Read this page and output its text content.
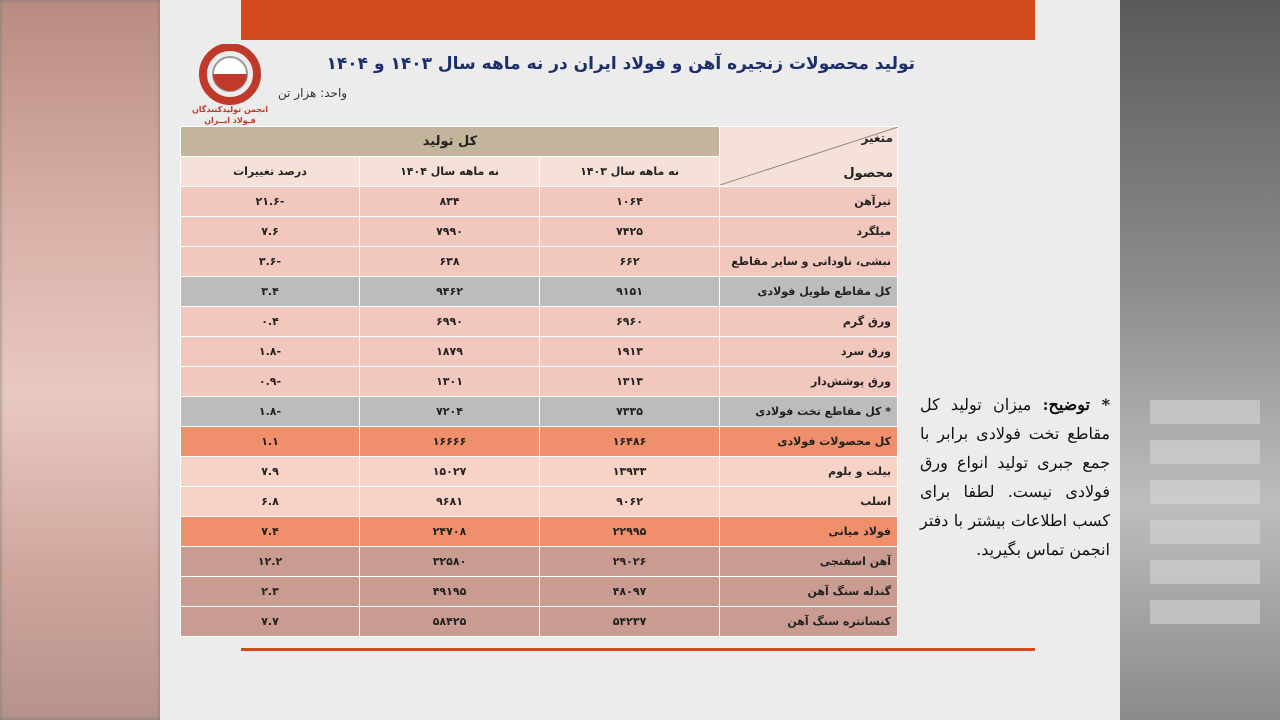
انجمن تولیدکنندگان
فـولاد ایــران
تولید محصولات زنجیره آهن و فولاد ایران در نه ماهه سال ۱۴۰۳ و ۱۴۰۴
واحد: هزار تن
متغیر
محصول	کل تولید		
	نه ماهه سال ۱۴۰۳	نه ماهه سال ۱۴۰۴	درصد تغییرات
تیرآهن	۱۰۶۴	۸۳۴	-۲۱.۶
میلگرد	۷۴۲۵	۷۹۹۰	۷.۶
نبشی، ناودانی و سایر مقاطع	۶۶۲	۶۳۸	-۳.۶
کل مقاطع طویل فولادی	۹۱۵۱	۹۴۶۲	۳.۴
ورق گرم	۶۹۶۰	۶۹۹۰	۰.۴
ورق سرد	۱۹۱۳	۱۸۷۹	-۱.۸
ورق پوشش‌دار	۱۳۱۳	۱۳۰۱	-۰.۹
* کل مقاطع تخت فولادی	۷۳۳۵	۷۲۰۴	-۱.۸
کل محصولات فولادی	۱۶۴۸۶	۱۶۶۶۶	۱.۱
بیلت و بلوم	۱۳۹۳۳	۱۵۰۲۷	۷.۹
اسلب	۹۰۶۲	۹۶۸۱	۶.۸
فولاد میانی	۲۲۹۹۵	۲۴۷۰۸	۷.۴
آهن اسفنجی	۲۹۰۲۶	۳۲۵۸۰	۱۲.۲
گندله سنگ آهن	۴۸۰۹۷	۴۹۱۹۵	۲.۳
کنسانتره سنگ آهن	۵۴۲۳۷	۵۸۴۲۵	۷.۷
* توضیح: میزان تولید کل مقاطع تخت فولادی برابر با جمع جبری تولید انواع ورق فولادی نیست. لطفا برای کسب اطلاعات بیشتر با دفتر انجمن تماس بگیرید.
